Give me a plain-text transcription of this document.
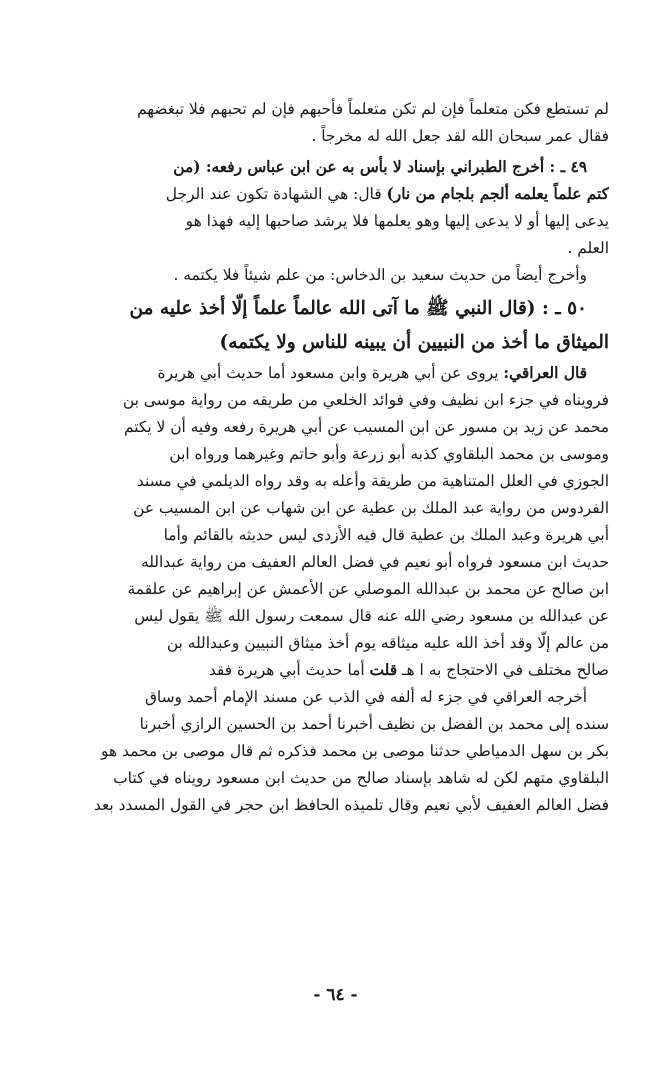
لم تستطع فكن متعلماً فإن لم تكن متعلماً فأحبهم فإن لم تحبهم فلا تبغضهم
فقال عمر سبحان الله لقد جعل الله له مخرجاً .
٤٩ ـ : أخرج الطبراني بإسناد لا بأس به عن ابن عباس رفعه: (من
كتم علماً يعلمه ألجم بلجام من نار) قال: هي الشهادة تكون عند الرجل
يدعى إليها أو لا يدعى إليها وهو يعلمها فلا يرشد صاحبها إليه فهذا هو
العلم .
وأخرج أيضاً من حديث سعيد بن الدخاس: من علم شيئاً فلا يكتمه .
٥٠ ـ : (قال النبي ﷺ ما آتى الله عالماً علماً إلّا أخذ عليه من
الميثاق ما أخذ من النبيين أن يبينه للناس ولا يكتمه)
قال العراقي: يروى عن أبي هريرة وابن مسعود أما حديث أبي هريرة
فرويناه في جزء ابن نظيف وفي فوائد الخلعي من طريقه من رواية موسى بن
محمد عن زيد بن مسور عن ابن المسيب عن أبي هريرة رفعه وفيه أن لا يكتم
وموسى بن محمد البلقاوي كذبه أبو زرعة وأبو حاتم وغيرهما ورواه ابن
الجوزي في العلل المتناهية من طريقة وأعله به وقد رواه الديلمي في مسند
الفردوس من رواية عبد الملك بن عطية عن ابن شهاب عن ابن المسيب عن
أبي هريرة وعبد الملك بن عطية قال فيه الأزدى ليس حديثه بالقائم وأما
حديث ابن مسعود فرواه أبو نعيم في فضل العالم العفيف من رواية عبدالله
ابن صالح عن محمد بن عبدالله الموصلي عن الأعمش عن إبراهيم عن علقمة
عن عبدالله بن مسعود رضي الله عنه قال سمعت رسول الله ﷺ يقول ليس
من عالم إلّا وقد أخذ الله عليه ميثاقه يوم أخذ ميثاق النبيين وعبدالله بن
صالح مختلف في الاحتجاج به ا هـ قلت أما حديث أبي هريرة فقد
أخرجه العراقي في جزء له ألفه في الذب عن مسند الإمام أحمد وساق
سنده إلى محمد بن الفضل بن نظيف أخبرنا أحمد بن الحسين الرازي أخبرنا
بكر بن سهل الدمياطي حدثنا موصى بن محمد فذكره ثم قال موصى بن محمد هو
البلقاوي متهم لكن له شاهد بإسناد صالح من حديث ابن مسعود رويناه في كتاب
فضل العالم العفيف لأبي نعيم وقال تلميذه الحافظ ابن حجر في القول المسدد بعد
- ٦٤ -
